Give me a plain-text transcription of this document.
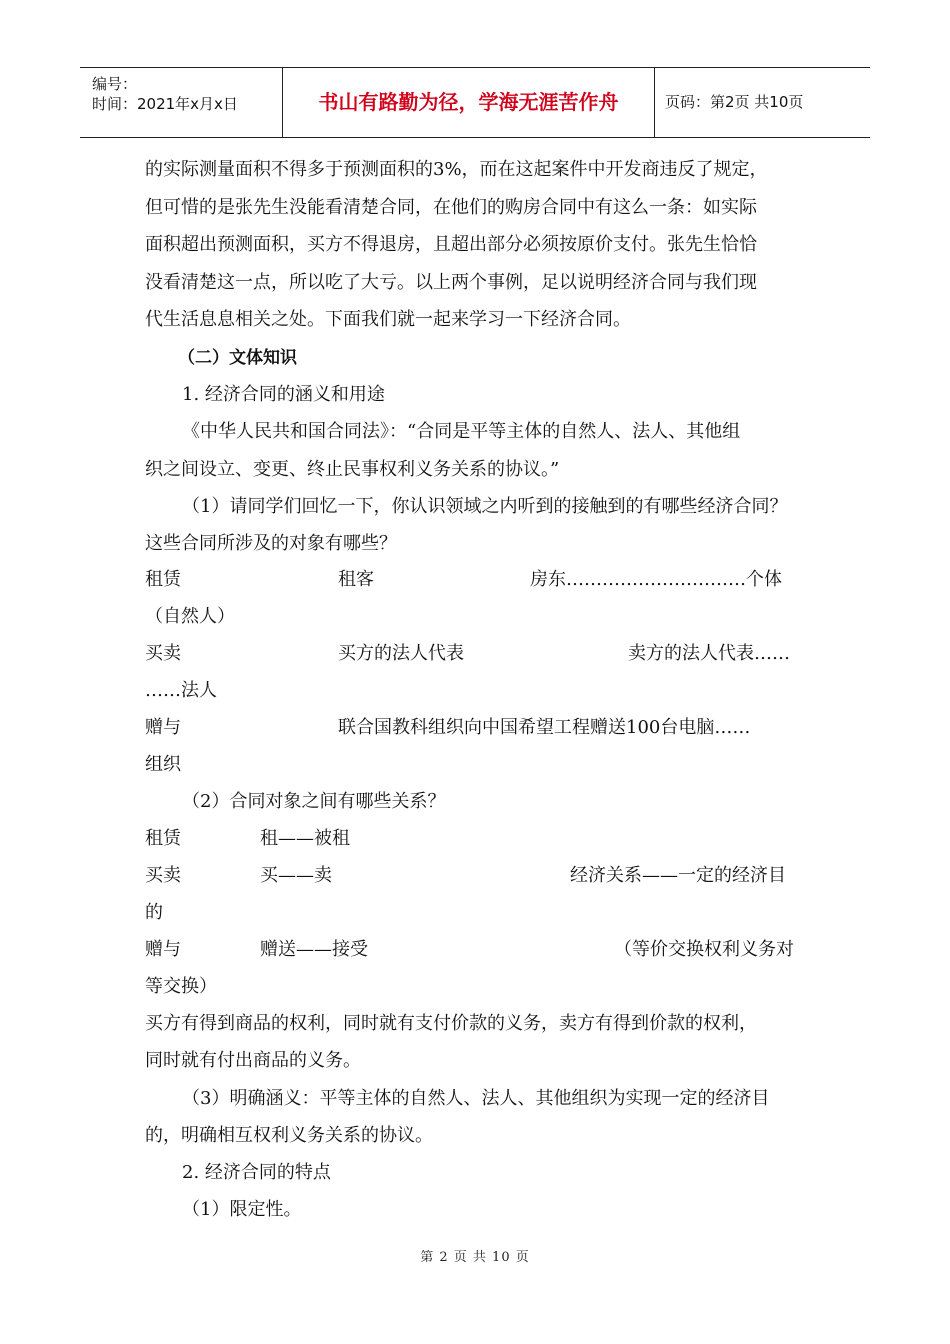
编号：
时间：2021年x月x日	书山有路勤为径，学海无涯苦作舟	页码：第2页 共10页
的实际测量面积不得多于预测面积的3%，而在这起案件中开发商违反了规定，
但可惜的是张先生没能看清楚合同，在他们的购房合同中有这么一条：如实际
面积超出预测面积，买方不得退房，且超出部分必须按原价支付。张先生恰恰
没看清楚这一点，所以吃了大亏。以上两个事例，足以说明经济合同与我们现
代生活息息相关之处。下面我们就一起来学习一下经济合同。
（二）文体知识
1. 经济合同的涵义和用途
《中华人民共和国合同法》：“合同是平等主体的自然人、法人、其他组
织之间设立、变更、终止民事权利义务关系的协议。”
（1）请同学们回忆一下，你认识领域之内听到的接触到的有哪些经济合同？
这些合同所涉及的对象有哪些？
租赁	租客	房东…………………………个体
（自然人）
买卖	买方的法人代表	卖方的法人代表……
……法人
赠与	联合国教科组织向中国希望工程赠送100台电脑……
组织
（2）合同对象之间有哪些关系？
租赁	租——被租
买卖	买——卖	经济关系——一定的经济目
的
赠与	赠送——接受	（等价交换权利义务对
等交换）
买方有得到商品的权利，同时就有支付价款的义务，卖方有得到价款的权利，
同时就有付出商品的义务。
（3）明确涵义：平等主体的自然人、法人、其他组织为实现一定的经济目
的，明确相互权利义务关系的协议。
2. 经济合同的特点
（1）限定性。
第 2 页 共 10 页
